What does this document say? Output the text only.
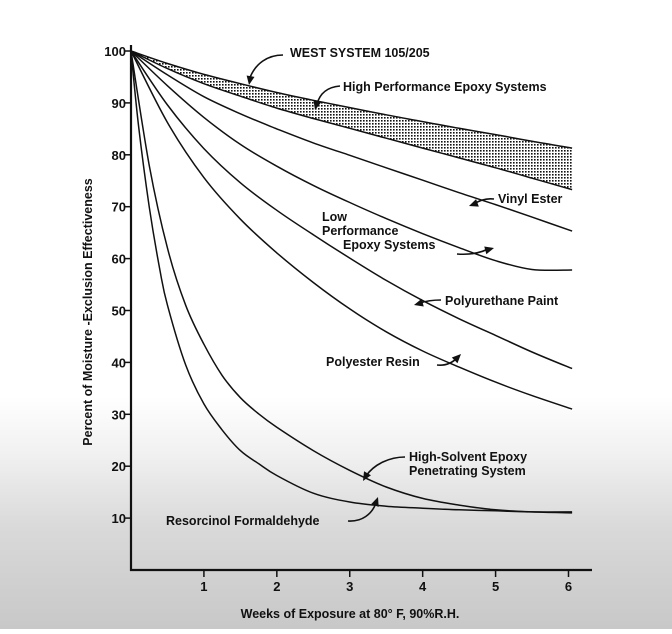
10
20
30
40
50
60
70
80
90
100
1	2	3	4	5	6
WEST SYSTEM 105/205
High Performance Epoxy Systems
Vinyl Ester
Low
Performance
Epoxy Systems
Polyurethane Paint
Polyester Resin
High-Solvent Epoxy
Penetrating System
Resorcinol Formaldehyde
Weeks of Exposure at 80° F, 90%R.H.
Percent of Moisture -Exclusion Effectiveness
